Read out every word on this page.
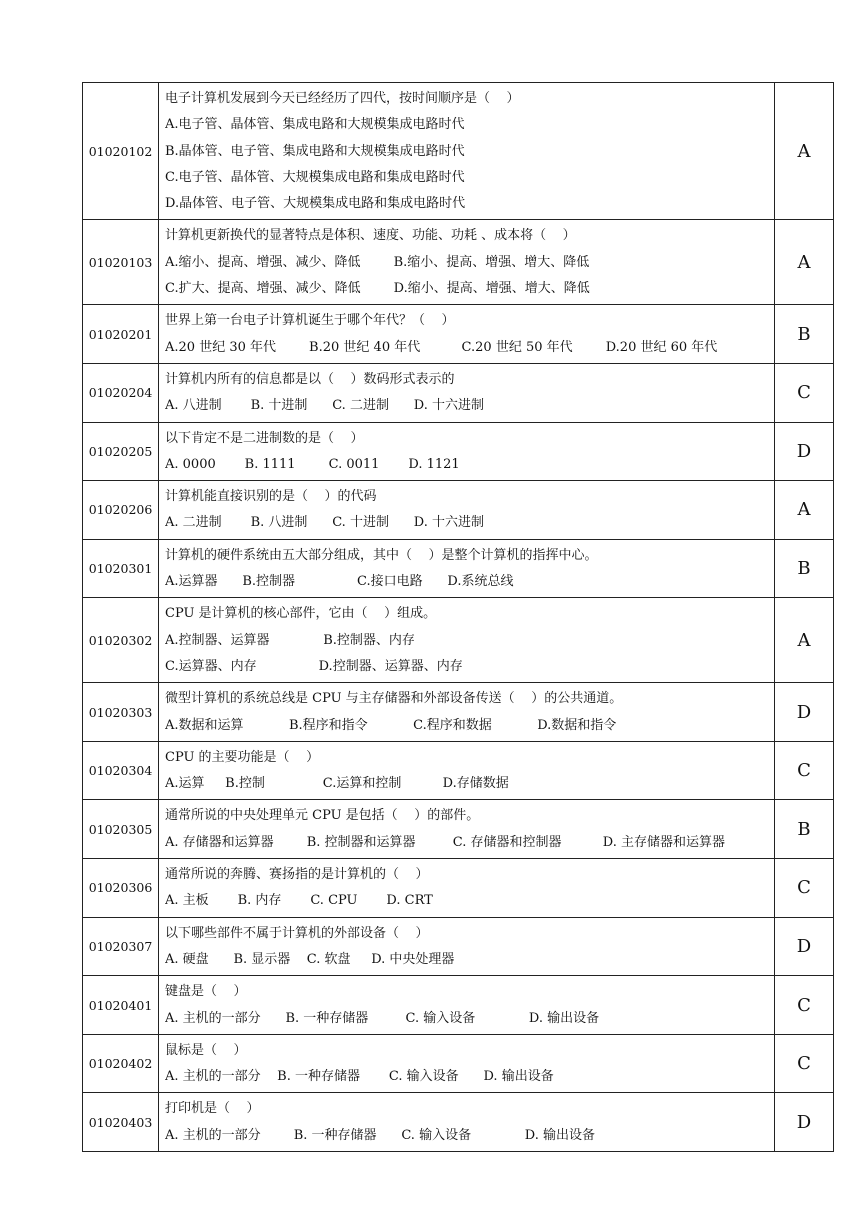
01020102	电子计算机发展到今天已经经历了四代，按时间顺序是（    ）
A.电子管、晶体管、集成电路和大规模集成电路时代
B.晶体管、电子管、集成电路和大规模集成电路时代
C.电子管、晶体管、大规模集成电路和集成电路时代
D.晶体管、电子管、大规模集成电路和集成电路时代	A
01020103	计算机更新换代的显著特点是体积、速度、功能、功耗 、成本将（    ）
A.缩小、提高、增强、减少、降低        B.缩小、提高、增强、增大、降低
C.扩大、提高、增强、减少、降低        D.缩小、提高、增强、增大、降低	A
01020201	世界上第一台电子计算机诞生于哪个年代？（    ）
A.20 世纪 30 年代        B.20 世纪 40 年代          C.20 世纪 50 年代        D.20 世纪 60 年代	B
01020204	计算机内所有的信息都是以（    ）数码形式表示的
A. 八进制       B. 十进制      C. 二进制      D. 十六进制	C
01020205	以下肯定不是二进制数的是（    ）
A. 0000       B. 1111        C. 0011       D. 1121	D
01020206	计算机能直接识别的是（    ）的代码
A. 二进制       B. 八进制      C. 十进制      D. 十六进制	A
01020301	计算机的硬件系统由五大部分组成，其中（    ）是整个计算机的指挥中心。
A.运算器      B.控制器               C.接口电路      D.系统总线	B
01020302	CPU 是计算机的核心部件，它由（    ）组成。
A.控制器、运算器             B.控制器、内存
C.运算器、内存               D.控制器、运算器、内存	A
01020303	微型计算机的系统总线是 CPU 与主存储器和外部设备传送（    ）的公共通道。
A.数据和运算           B.程序和指令           C.程序和数据           D.数据和指令	D
01020304	CPU 的主要功能是（    ）
A.运算     B.控制              C.运算和控制          D.存储数据	C
01020305	通常所说的中央处理单元 CPU 是包括（    ）的部件。
A. 存储器和运算器        B. 控制器和运算器         C. 存储器和控制器          D. 主存储器和运算器	B
01020306	通常所说的奔腾、赛扬指的是计算机的（    ）
A. 主板       B. 内存       C. CPU       D. CRT	C
01020307	以下哪些部件不属于计算机的外部设备（    ）
A. 硬盘      B. 显示器    C. 软盘     D. 中央处理器	D
01020401	键盘是（    ）
A. 主机的一部分      B. 一种存储器         C. 输入设备             D. 输出设备	C
01020402	鼠标是（    ）
A. 主机的一部分    B. 一种存储器       C. 输入设备      D. 输出设备	C
01020403	打印机是（    ）
A. 主机的一部分        B. 一种存储器      C. 输入设备             D. 输出设备	D
